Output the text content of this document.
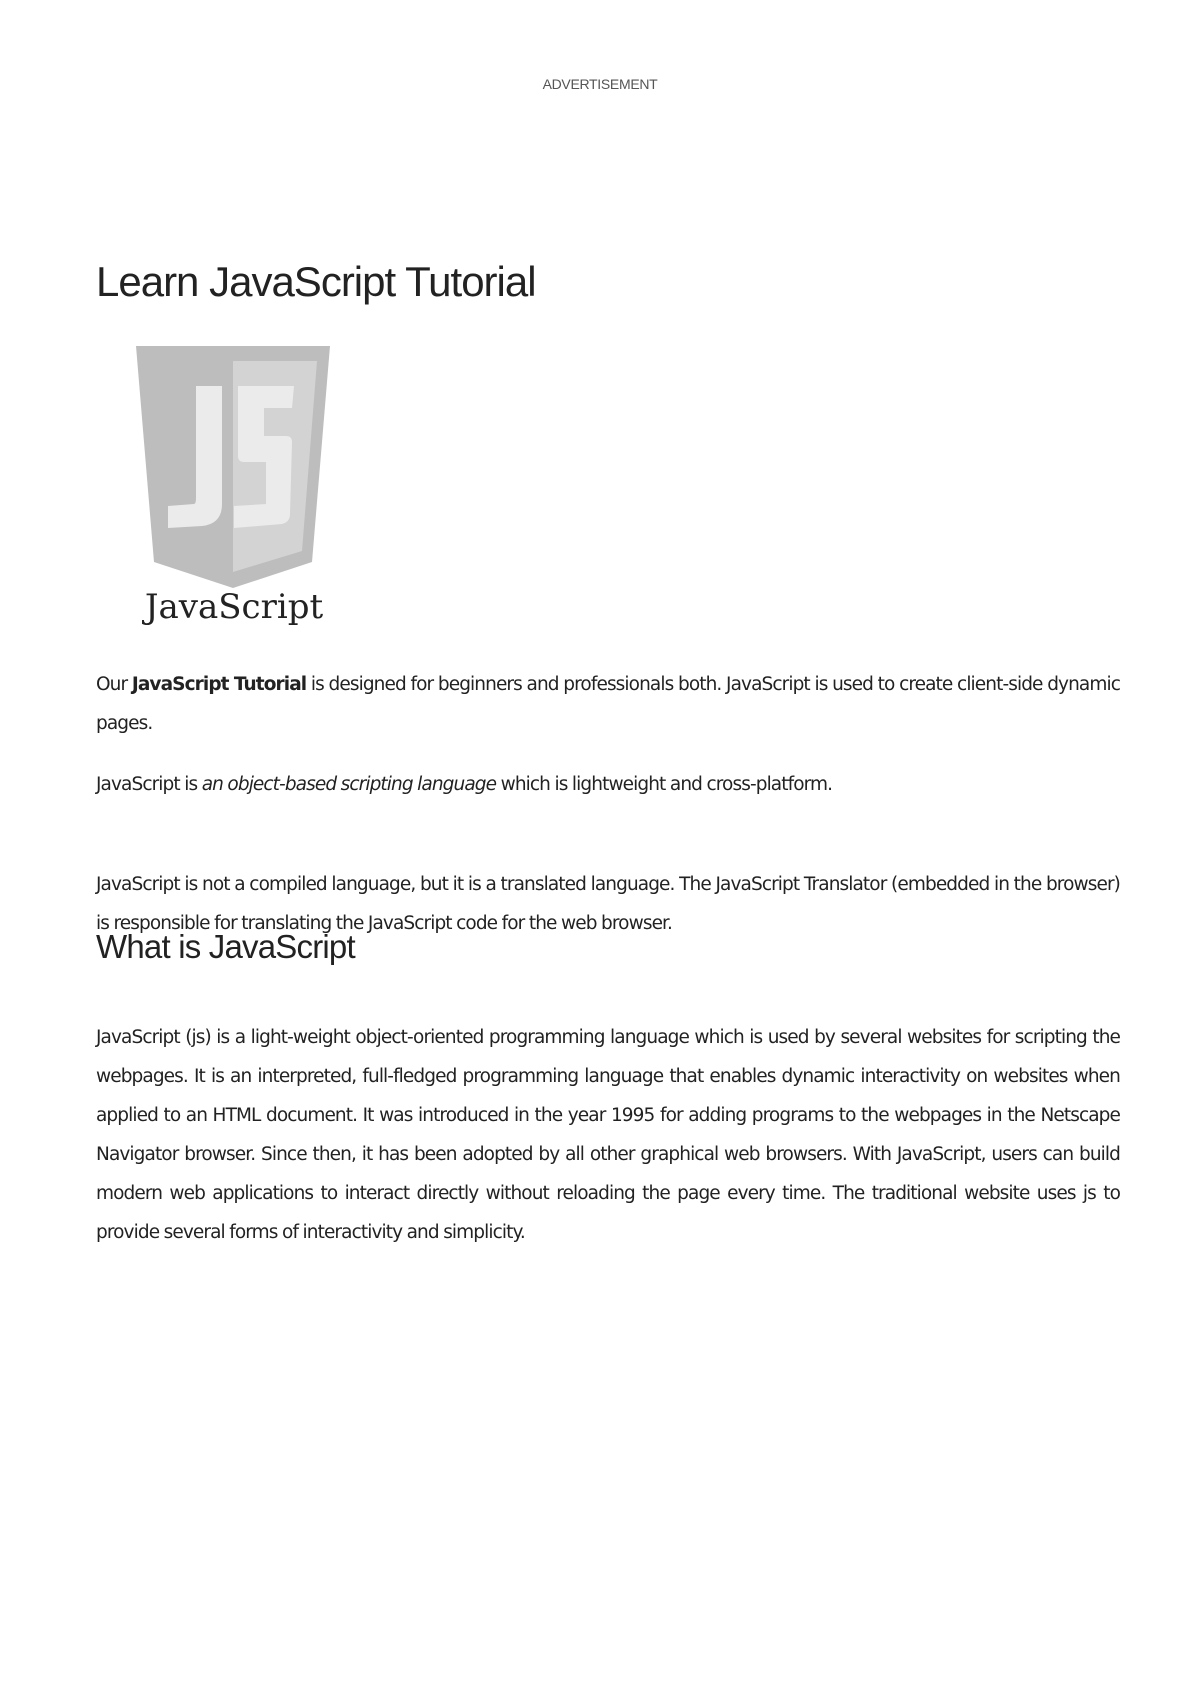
ADVERTISEMENT
Learn JavaScript Tutorial
JavaScript

Our JavaScript Tutorial is designed for beginners and professionals both. JavaScript is used to create client-side dynamic pages.

JavaScript is an object-based scripting language which is lightweight and cross-platform.

JavaScript is not a compiled language, but it is a translated language. The JavaScript Translator (embedded in the browser) is responsible for translating the JavaScript code for the web browser.

What is JavaScript

JavaScript (js) is a light-weight object-oriented programming language which is used by several websites for scripting the webpages. It is an interpreted, full-fledged programming language that enables dynamic interactivity on websites when applied to an HTML document. It was introduced in the year 1995 for adding programs to the webpages in the Netscape Navigator browser. Since then, it has been adopted by all other graphical web browsers. With JavaScript, users can build modern web applications to interact directly without reloading the page every time. The traditional website uses js to provide several forms of interactivity and simplicity.
